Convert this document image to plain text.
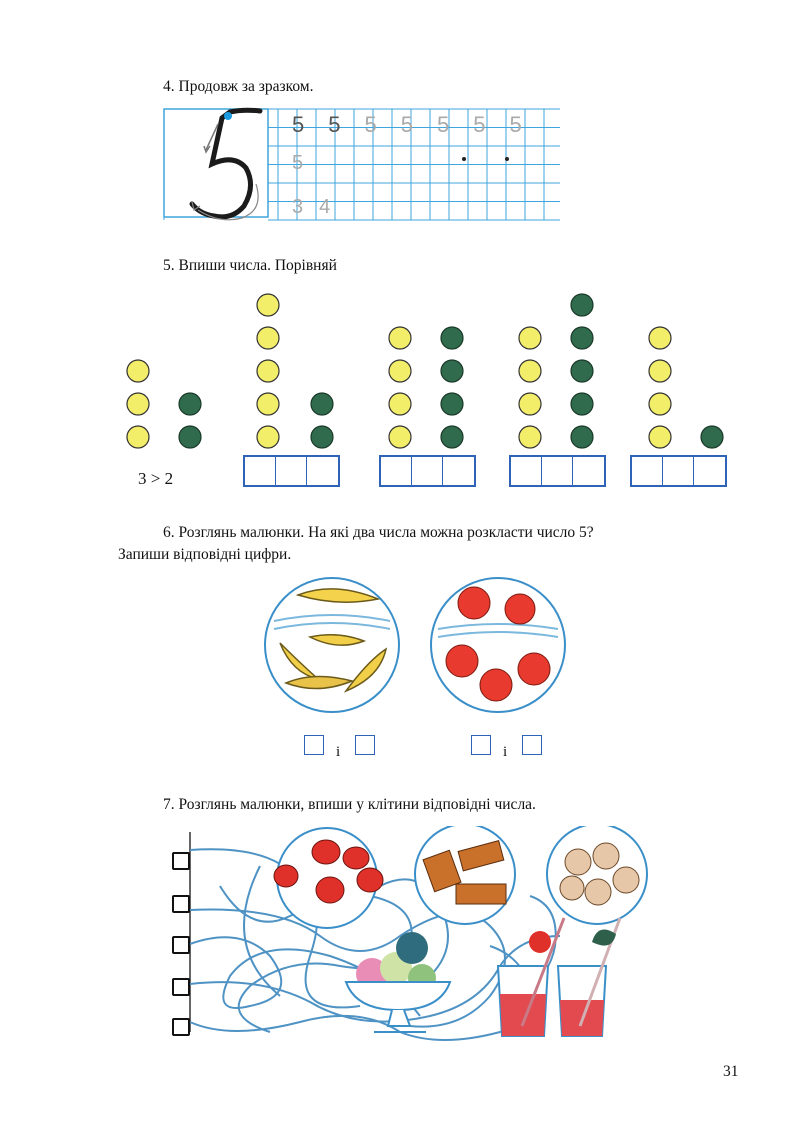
4. Продовж за зразком.
5555555
5
34
5. Впиши числа. Порівняй
3 > 2
6. Розглянь малюнки. На які два числа можна розкласти число 5?
Запиши відповідні цифри.
і	і
7. Розглянь малюнки, впиши у клітини відповідні числа.
31
